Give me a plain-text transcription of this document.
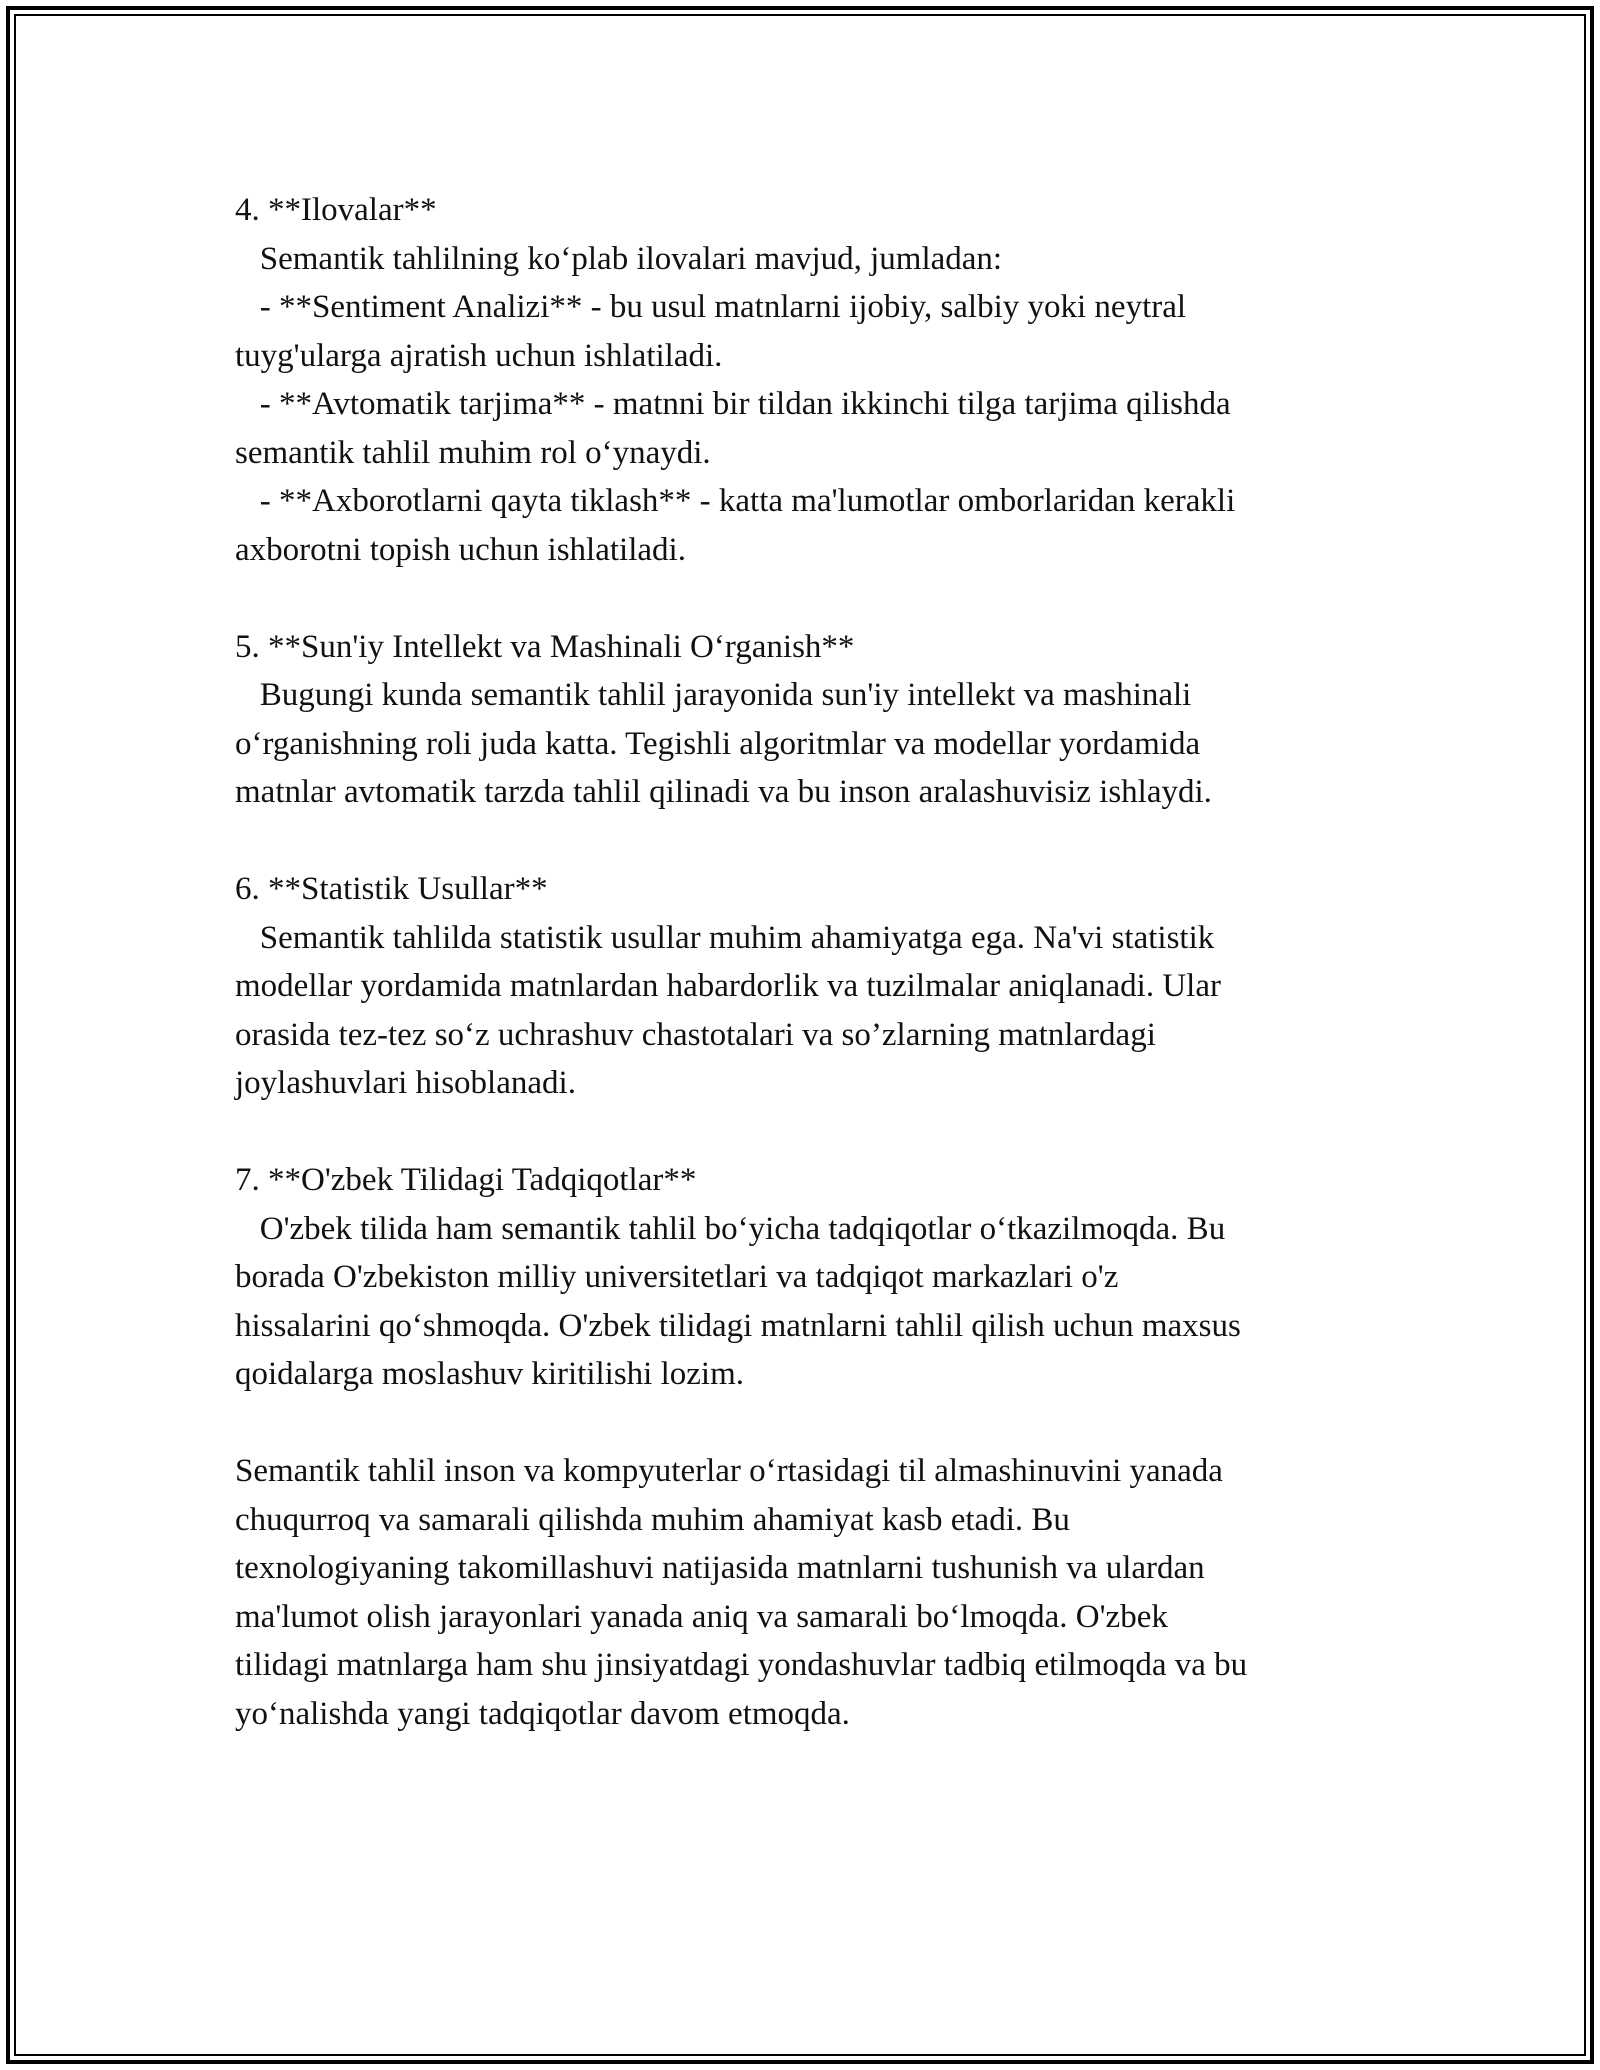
4. **Ilovalar**

Semantik tahlilning ko‘plab ilovalari mavjud, jumladan:

- **Sentiment Analizi** - bu usul matnlarni ijobiy, salbiy yoki neytral

tuyg'ularga ajratish uchun ishlatiladi.

- **Avtomatik tarjima** - matnni bir tildan ikkinchi tilga tarjima qilishda

semantik tahlil muhim rol o‘ynaydi.

- **Axborotlarni qayta tiklash** - katta ma'lumotlar omborlaridan kerakli

axborotni topish uchun ishlatiladi.

5. **Sun'iy Intellekt va Mashinali O‘rganish**

Bugungi kunda semantik tahlil jarayonida sun'iy intellekt va mashinali

o‘rganishning roli juda katta. Tegishli algoritmlar va modellar yordamida

matnlar avtomatik tarzda tahlil qilinadi va bu inson aralashuvisiz ishlaydi.

6. **Statistik Usullar**

Semantik tahlilda statistik usullar muhim ahamiyatga ega. Na'vi statistik

modellar yordamida matnlardan habardorlik va tuzilmalar aniqlanadi. Ular

orasida tez-tez so‘z uchrashuv chastotalari va so’zlarning matnlardagi

joylashuvlari hisoblanadi.

7. **O'zbek Tilidagi Tadqiqotlar**

O'zbek tilida ham semantik tahlil bo‘yicha tadqiqotlar o‘tkazilmoqda. Bu

borada O'zbekiston milliy universitetlari va tadqiqot markazlari o'z

hissalarini qo‘shmoqda. O'zbek tilidagi matnlarni tahlil qilish uchun maxsus

qoidalarga moslashuv kiritilishi lozim.

Semantik tahlil inson va kompyuterlar o‘rtasidagi til almashinuvini yanada

chuqurroq va samarali qilishda muhim ahamiyat kasb etadi. Bu

texnologiyaning takomillashuvi natijasida matnlarni tushunish va ulardan

ma'lumot olish jarayonlari yanada aniq va samarali bo‘lmoqda. O'zbek

tilidagi matnlarga ham shu jinsiyatdagi yondashuvlar tadbiq etilmoqda va bu

yo‘nalishda yangi tadqiqotlar davom etmoqda.
